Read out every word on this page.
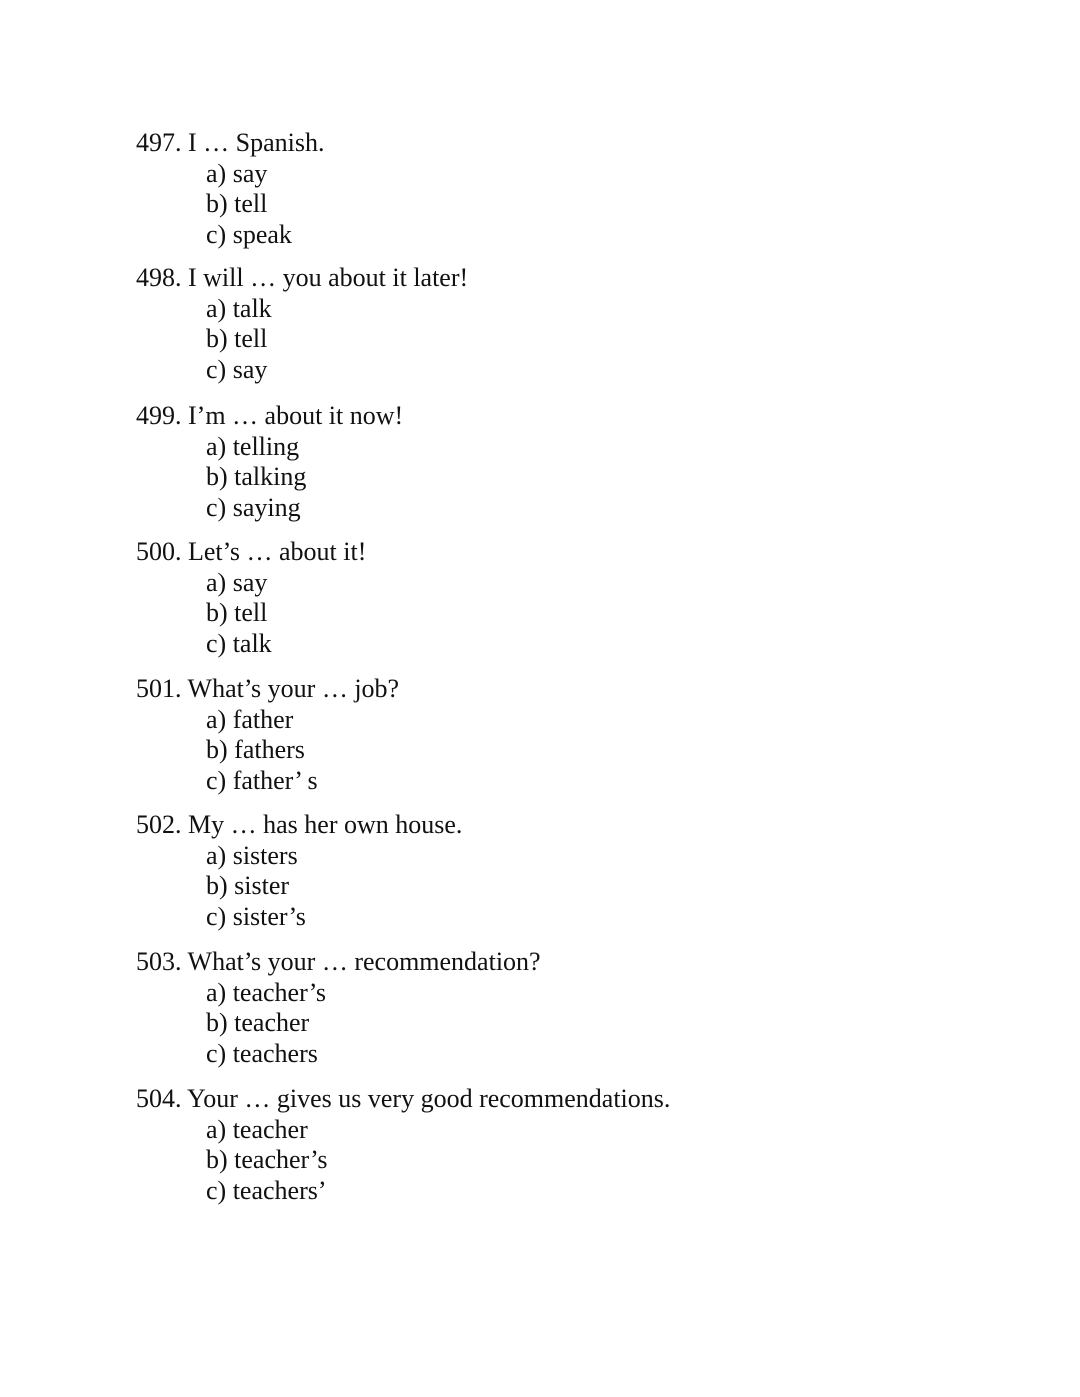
497. I … Spanish.
a) say
b) tell
c) speak
498. I will … you about it later!
a) talk
b) tell
c) say
499. I’m … about it now!
a) telling
b) talking
c) saying
500. Let’s … about it!
a) say
b) tell
c) talk
501. What’s your … job?
a) father
b) fathers
c) father’ s
502. My … has her own house.
a) sisters
b) sister
c) sister’s
503. What’s your … recommendation?
a) teacher’s
b) teacher
c) teachers
504. Your … gives us very good recommendations.
a) teacher
b) teacher’s
c) teachers’
